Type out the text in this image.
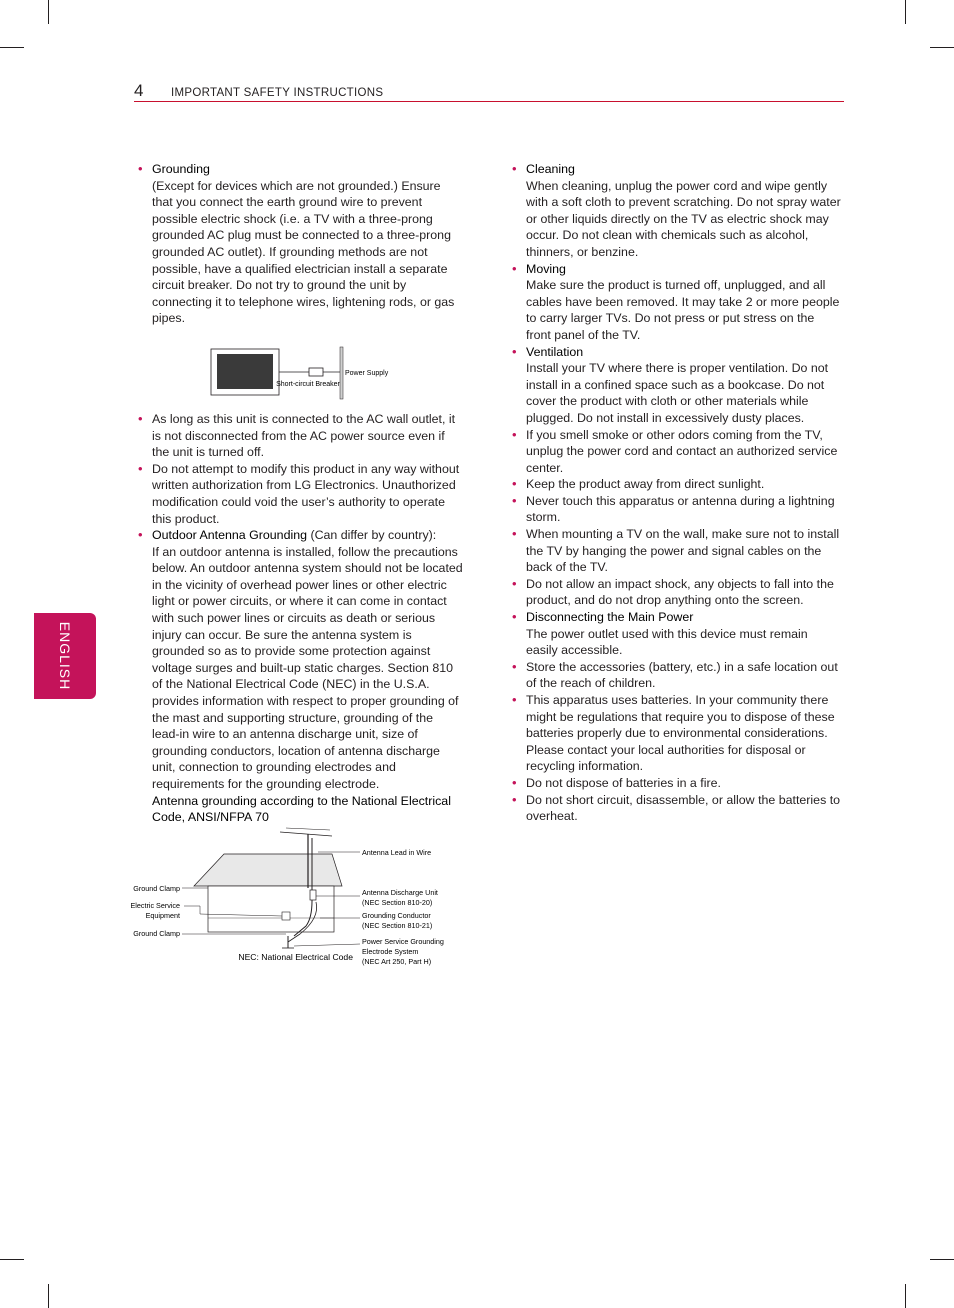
4 IMPORTANT SAFETY INSTRUCTIONS
ENGLISH
• Grounding
(Except for devices which are not grounded.) Ensure that you connect the earth ground wire to prevent possible electric shock (i.e. a TV with a three-prong grounded AC plug must be connected to a three-prong grounded AC outlet). If grounding methods are not possible, have a qualified electrician install a separate circuit breaker. Do not try to ground the unit by connecting it to telephone wires, lightening rods, or gas pipes.
Short-circuit Breaker
Power Supply
• As long as this unit is connected to the AC wall outlet, it is not disconnected from the AC power source even if the unit is turned off.
• Do not attempt to modify this product in any way without written authorization from LG Electronics. Unauthorized modification could void the user’s authority to operate this product.
• Outdoor Antenna Grounding (Can differ by country):
If an outdoor antenna is installed, follow the precautions below. An outdoor antenna system should not be located in the vicinity of overhead power lines or other electric light or power circuits, or where it can come in contact with such power lines or circuits as death or serious injury can occur. Be sure the antenna system is grounded so as to provide some protection against voltage surges and built-up static charges. Section 810 of the National Electrical Code (NEC) in the U.S.A. provides information with respect to proper grounding of the mast and supporting structure, grounding of the lead-in wire to an antenna discharge unit, size of grounding conductors, location of antenna discharge unit, connection to grounding electrodes and requirements for the grounding electrode.
Antenna grounding according to the National Electrical Code, ANSI/NFPA 70
Antenna Lead in Wire
Antenna Discharge Unit
(NEC Section 810-20)
Grounding Conductor
(NEC Section 810-21)
Power Service Grounding
Electrode System
(NEC Art 250, Part H)
Ground Clamp
Electric Service
Equipment
Ground Clamp
NEC: National Electrical Code
• Cleaning
When cleaning, unplug the power cord and wipe gently with a soft cloth to prevent scratching. Do not spray water or other liquids directly on the TV as electric shock may occur. Do not clean with chemicals such as alcohol, thinners, or benzine.
• Moving
Make sure the product is turned off, unplugged, and all cables have been removed. It may take 2 or more people to carry larger TVs. Do not press or put stress on the front panel of the TV.
• Ventilation
Install your TV where there is proper ventilation. Do not install in a confined space such as a bookcase. Do not cover the product with cloth or other materials while plugged. Do not install in excessively dusty places.
• If you smell smoke or other odors coming from the TV, unplug the power cord and contact an authorized service center.
• Keep the product away from direct sunlight.
• Never touch this apparatus or antenna during a lightning storm.
• When mounting a TV on the wall, make sure not to install the TV by hanging the power and signal cables on the back of the TV.
• Do not allow an impact shock, any objects to fall into the product, and do not drop anything onto the screen.
• Disconnecting the Main Power
The power outlet used with this device must remain easily accessible.
• Store the accessories (battery, etc.) in a safe location out of the reach of children.
• This apparatus uses batteries. In your community there might be regulations that require you to dispose of these batteries properly due to environmental considerations. Please contact your local authorities for disposal or recycling information.
• Do not dispose of batteries in a fire.
• Do not short circuit, disassemble, or allow the batteries to overheat.
